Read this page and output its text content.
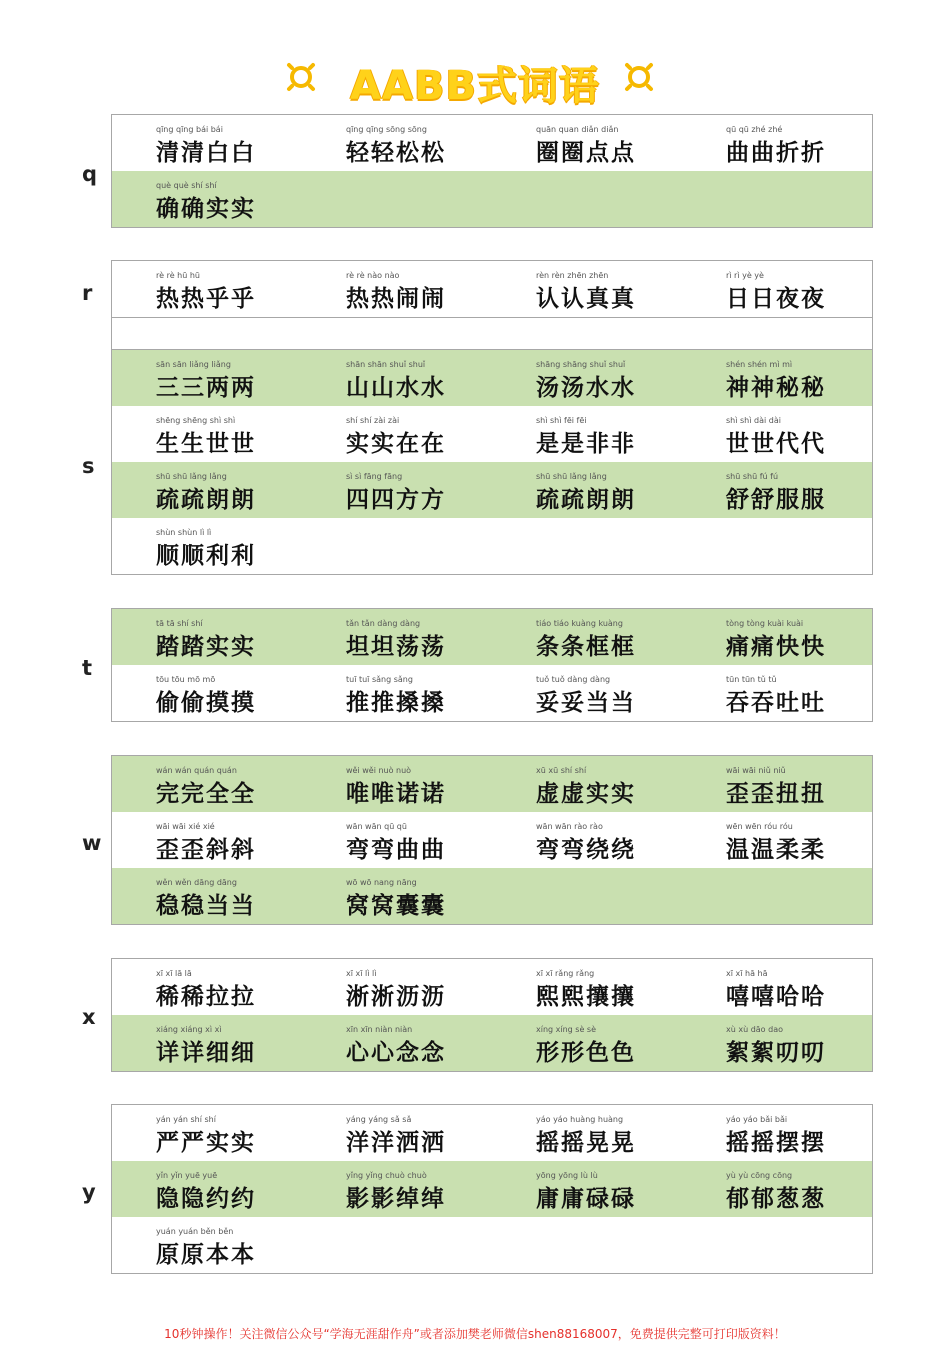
AABB式词语
q
qīng qīng bái bái
清清白白
qīng qīng sōng sōng
轻轻松松
quān quan diǎn diǎn
圈圈点点
qū qū zhé zhé
曲曲折折
què què shí shí
确确实实
r
s
rè rè hū hū
热热乎乎
rè rè nào nào
热热闹闹
rèn rèn zhēn zhēn
认认真真
rì rì yè yè
日日夜夜
sān sān liǎng liǎng
三三两两
shān shān shuǐ shuǐ
山山水水
shāng shāng shuǐ shuǐ
汤汤水水
shén shén mì mì
神神秘秘
shēng shēng shì shì
生生世世
shí shí zài zài
实实在在
shì shì fēi fēi
是是非非
shì shì dài dài
世世代代
shū shū lǎng lǎng
疏疏朗朗
sì sì fāng fāng
四四方方
shū shū lǎng lǎng
疏疏朗朗
shū shū fú fú
舒舒服服
shùn shùn lì lì
顺顺利利
t
tā tā shí shí
踏踏实实
tǎn tǎn dàng dàng
坦坦荡荡
tiáo tiáo kuàng kuàng
条条框框
tòng tòng kuài kuài
痛痛快快
tōu tōu mō mō
偷偷摸摸
tuī tuī sǎng sǎng
推推搡搡
tuǒ tuǒ dàng dàng
妥妥当当
tūn tūn tǔ tǔ
吞吞吐吐
w
wán wán quán quán
完完全全
wěi wěi nuò nuò
唯唯诺诺
xū xū shí shí
虚虚实实
wāi wāi niǔ niǔ
歪歪扭扭
wāi wāi xié xié
歪歪斜斜
wān wān qū qū
弯弯曲曲
wān wān rào rào
弯弯绕绕
wēn wēn róu róu
温温柔柔
wěn wěn dāng dāng
稳稳当当
wō wō nang nāng
窝窝囊囊
x
xī xī lā lā
稀稀拉拉
xī xī lì lì
淅淅沥沥
xī xī rǎng rǎng
熙熙攘攘
xī xī hā hā
嘻嘻哈哈
xiáng xiáng xì xì
详详细细
xīn xīn niàn niàn
心心念念
xíng xíng sè sè
形形色色
xù xù dāo dao
絮絮叨叨
y
yán yán shí shí
严严实实
yáng yáng sǎ sǎ
洋洋洒洒
yáo yáo huàng huàng
摇摇晃晃
yáo yáo bǎi bǎi
摇摇摆摆
yǐn yǐn yuē yuē
隐隐约约
yǐng yǐng chuò chuò
影影绰绰
yōng yōng lù lù
庸庸碌碌
yù yù cōng cōng
郁郁葱葱
yuán yuán běn běn
原原本本
10秒钟操作！关注微信公众号“学海无涯甜作舟”或者添加樊老师微信shen88168007，免费提供完整可打印版资料！
